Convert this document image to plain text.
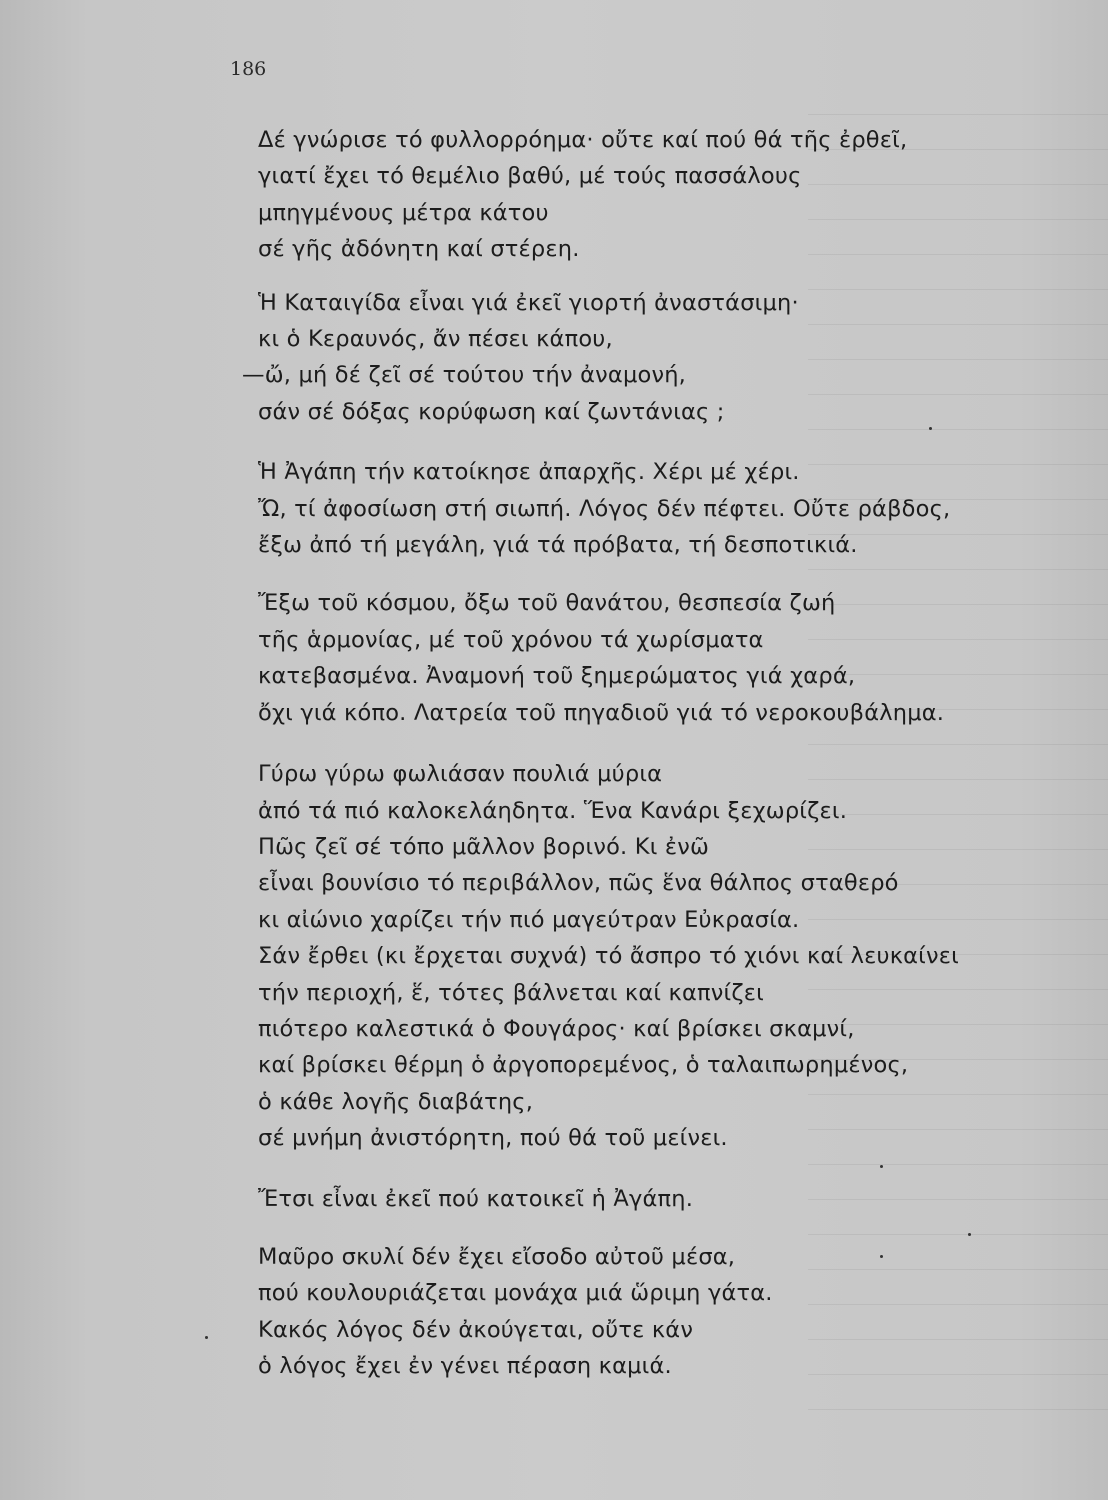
186
Δέ γνώρισε τό φυλλορρόημα· οὔτε καί πού θά τῆς ἐρθεῖ,
γιατί ἔχει τό θεμέλιο βαθύ, μέ τούς πασσάλους
μπηγμένους μέτρα κάτου
σέ γῆς ἀδόνητη καί στέρεη.
Ἡ Καταιγίδα εἶναι γιά ἐκεῖ γιορτή ἀναστάσιμη·
κι ὁ Κεραυνός, ἄν πέσει κάπου,
—ὤ, μή δέ ζεῖ σέ τούτου τήν ἀναμονή,
σάν σέ δόξας κορύφωση καί ζωντάνιας ;
Ἡ Ἀγάπη τήν κατοίκησε ἀπαρχῆς. Χέρι μέ χέρι.
Ὤ, τί ἀφοσίωση στή σιωπή. Λόγος δέν πέφτει. Οὔτε ράβδος,
ἔξω ἀπό τή μεγάλη, γιά τά πρόβατα, τή δεσποτικιά.
Ἔξω τοῦ κόσμου, ὄξω τοῦ θανάτου, θεσπεσία ζωή
τῆς ἁρμονίας, μέ τοῦ χρόνου τά χωρίσματα
κατεβασμένα. Ἀναμονή τοῦ ξημερώματος γιά χαρά,
ὄχι γιά κόπο. Λατρεία τοῦ πηγαδιοῦ γιά τό νεροκουβάλημα.
Γύρω γύρω φωλιάσαν πουλιά μύρια
ἀπό τά πιό καλοκελάηδητα. Ἕνα Κανάρι ξεχωρίζει.
Πῶς ζεῖ σέ τόπο μᾶλλον βορινό. Κι ἐνῶ
εἶναι βουνίσιο τό περιβάλλον, πῶς ἕνα θάλπος σταθερό
κι αἰώνιο χαρίζει τήν πιό μαγεύτραν Εὐκρασία.
Σάν ἔρθει (κι ἔρχεται συχνά) τό ἄσπρο τό χιόνι καί λευκαίνει
τήν περιοχή, ἕ, τότες βάλνεται καί καπνίζει
πιότερο καλεστικά ὁ Φουγάρος· καί βρίσκει σκαμνί,
καί βρίσκει θέρμη ὁ ἀργοπορεμένος, ὁ ταλαιπωρημένος,
ὁ κάθε λογῆς διαβάτης,
σέ μνήμη ἀνιστόρητη, πού θά τοῦ μείνει.
Ἔτσι εἶναι ἐκεῖ πού κατοικεῖ ἡ Ἀγάπη.
Μαῦρο σκυλί δέν ἔχει εἴσοδο αὐτοῦ μέσα,
πού κουλουριάζεται μονάχα μιά ὥριμη γάτα.
Κακός λόγος δέν ἀκούγεται, οὔτε κάν
ὁ λόγος ἔχει ἐν γένει πέραση καμιά.
